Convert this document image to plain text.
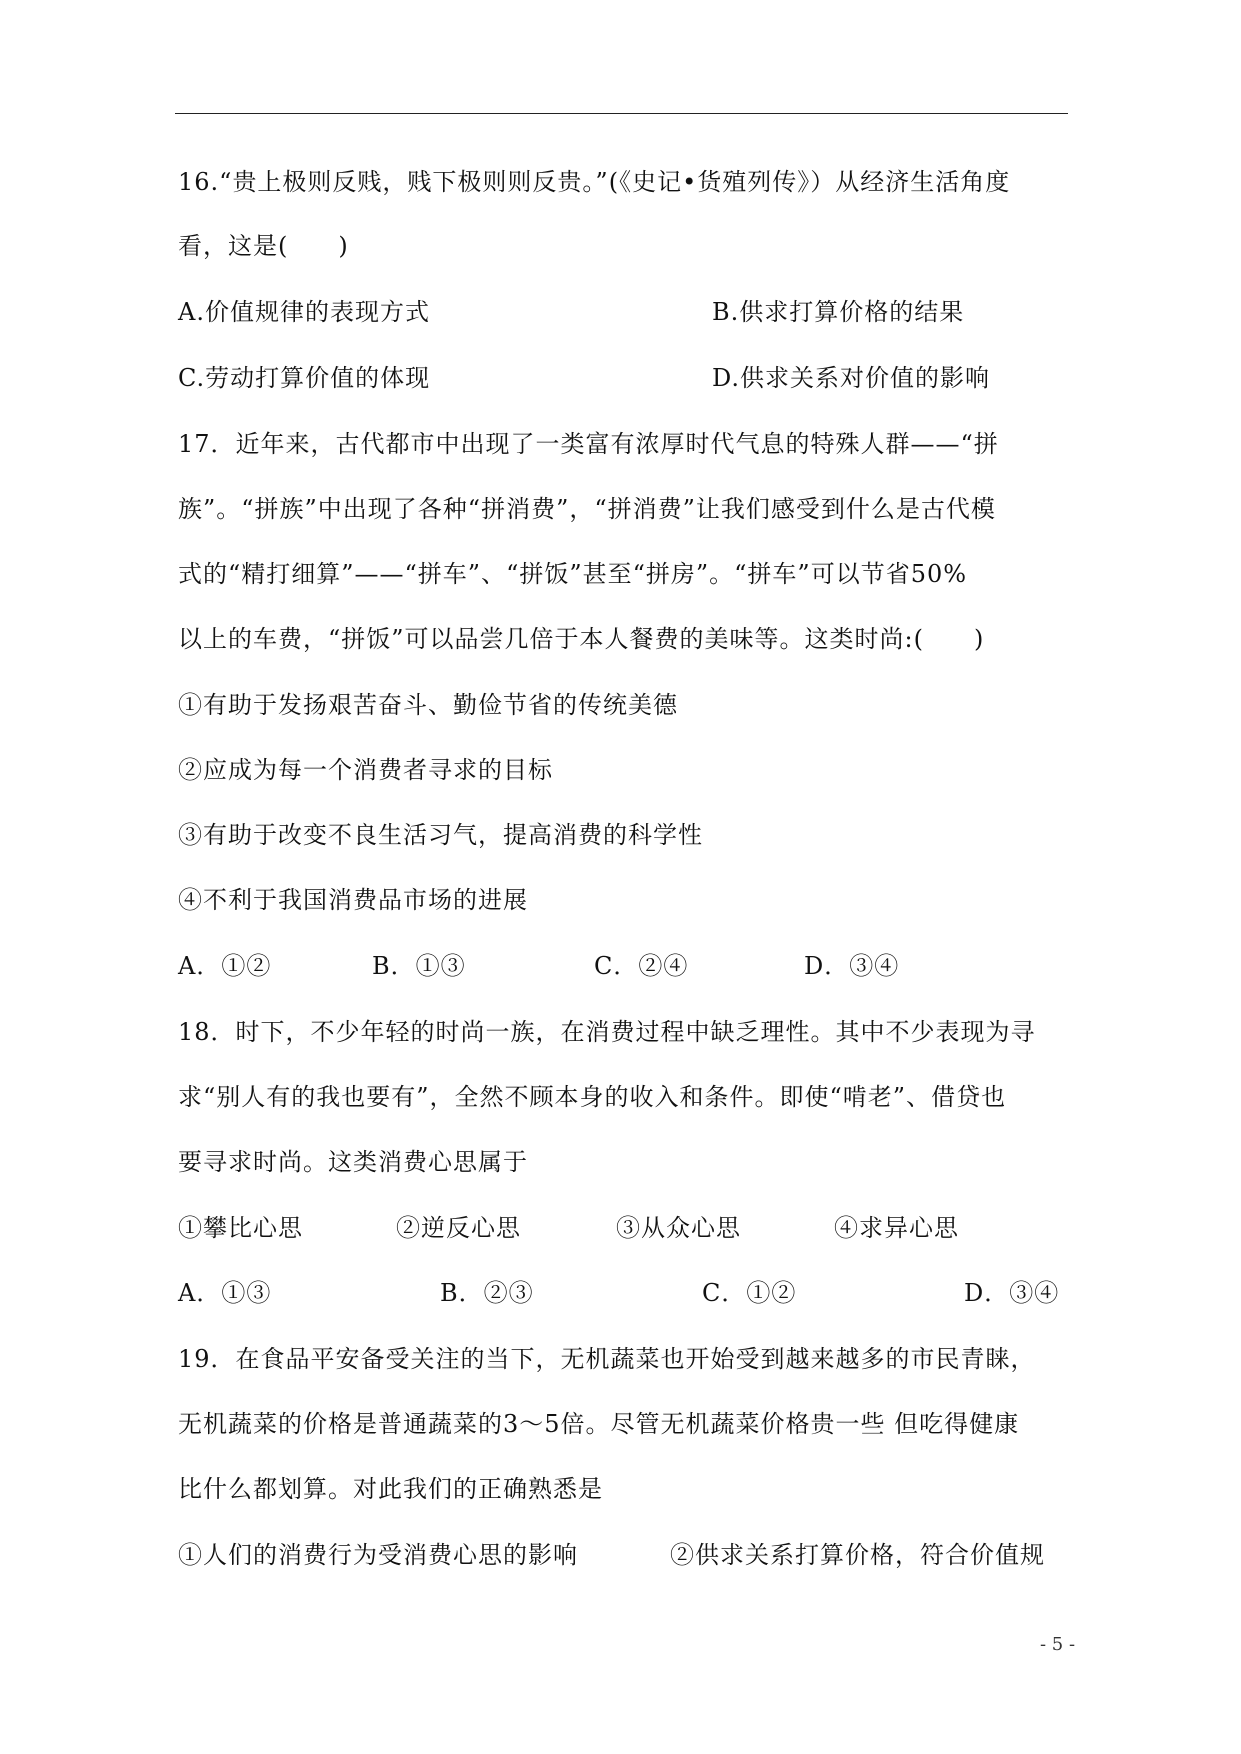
16.“贵上极则反贱，贱下极则则反贵。”(《史记•货殖列传》）从经济生活角度
看，这是(　　)
A.价值规律的表现方式	B.供求打算价格的结果
C.劳动打算价值的体现	D.供求关系对价值的影响
17．近年来，古代都市中出现了一类富有浓厚时代气息的特殊人群——“拼
族”。“拼族”中出现了各种“拼消费”，“拼消费”让我们感受到什么是古代模
式的“精打细算”——“拼车”、“拼饭”甚至“拼房”。“拼车”可以节省50%
以上的车费，“拼饭”可以品尝几倍于本人餐费的美味等。这类时尚:(　　)
①有助于发扬艰苦奋斗、勤俭节省的传统美德
②应成为每一个消费者寻求的目标
③有助于改变不良生活习气，提高消费的科学性
④不利于我国消费品市场的进展
A．①②	B．①③	C．②④	D．③④
18．时下，不少年轻的时尚一族，在消费过程中缺乏理性。其中不少表现为寻
求“别人有的我也要有”，全然不顾本身的收入和条件。即使“啃老”、借贷也
要寻求时尚。这类消费心思属于
①攀比心思	②逆反心思	③从众心思	④求异心思
A．①③	B．②③	C．①②	D．③④
19．在食品平安备受关注的当下，无机蔬菜也开始受到越来越多的市民青睐，
无机蔬菜的价格是普通蔬菜的3～5倍。尽管无机蔬菜价格贵一些 但吃得健康
比什么都划算。对此我们的正确熟悉是
①人们的消费行为受消费心思的影响	②供求关系打算价格，符合价值规
- 5 -
